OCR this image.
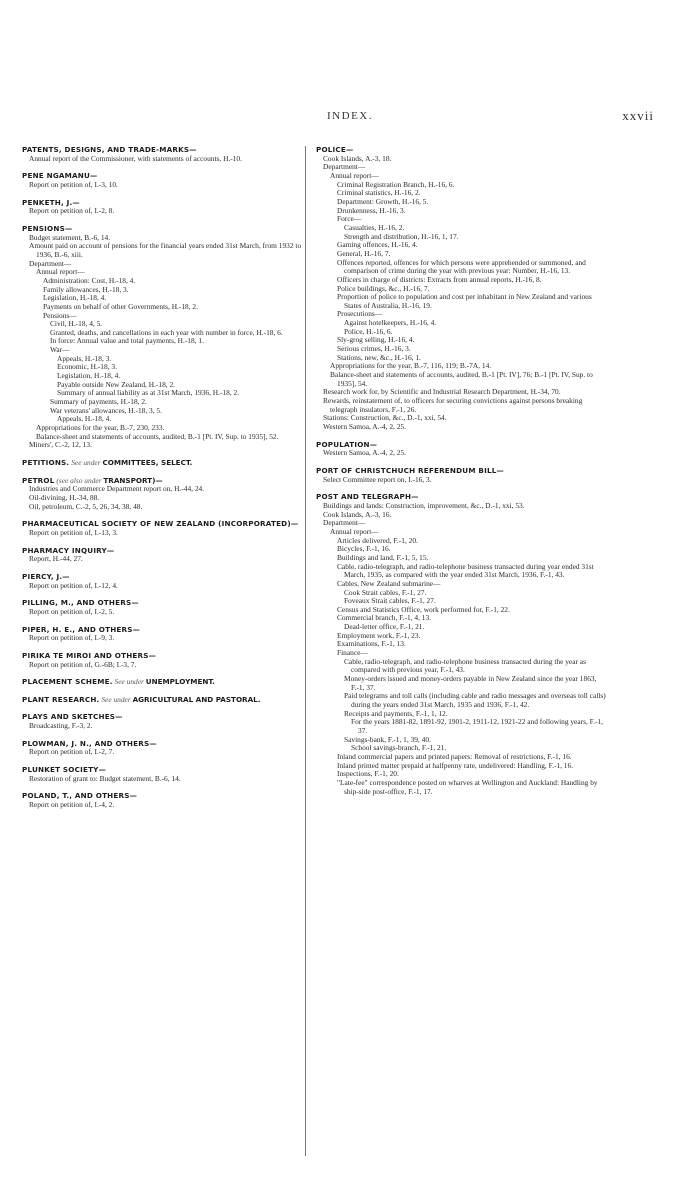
INDEX.	xxvii
PATENTS, DESIGNS, AND TRADE-MARKS—
Annual report of the Commissioner, with statements of accounts, H.-10.
PENE NGAMANU—
Report on petition of, I.-3, 10.
PENKETH, J.—
Report on petition of, I.-2, 8.
PENSIONS—
Budget statement, B.-6, 14.
Amount paid on account of pensions for the financial years ended 31st March, from 1932 to 1936, B.-6, xiii.
Department—
Annual report—
Administration: Cost, H.-18, 4.
Family allowances, H.-18, 3.
Legislation, H.-18, 4.
Payments on behalf of other Governments, H.-18, 2.
Pensions—
Civil, H.-18, 4, 5.
Granted, deaths, and cancellations in each year with number in force, H.-18, 6.
In force: Annual value and total payments, H.-18, 1.
War—
Appeals, H.-18, 3.
Economic, H.-18, 3.
Legislation, H.-18, 4.
Payable outside New Zealand, H.-18, 2.
Summary of annual liability as at 31st March, 1936, H.-18, 2.
Summary of payments, H.-18, 2.
War veterans' allowances, H.-18, 3, 5.
Appeals, H.-18, 4.
Appropriations for the year, B.-7, 230, 233.
Balance-sheet and statements of accounts, audited, B.-1 [Pt. IV, Sup. to 1935], 52.
Miners', C.-2, 12, 13.
PETITIONS. See under COMMITTEES, SELECT.
PETROL (see also under TRANSPORT)—
Industries and Commerce Department report on, H.-44, 24.
Oil-divining, H.-34, 88.
Oil, petroleum, C.-2, 5, 26, 34, 38, 48.
PHARMACEUTICAL SOCIETY OF NEW ZEALAND (INCORPORATED)—
Report on petition of, I.-13, 3.
PHARMACY INQUIRY—
Report, H.-44, 27.
PIERCY, J.—
Report on petition of, I.-12, 4.
PILLING, M., AND OTHERS—
Report on petition of, I.-2, 5.
PIPER, H. E., AND OTHERS—
Report on petition of, I.-9, 3.
PIRIKA TE MIROI AND OTHERS—
Report on petition of, G.-6B; I.-3, 7.
PLACEMENT SCHEME. See under UNEMPLOYMENT.
PLANT RESEARCH. See under AGRICULTURAL AND PASTORAL.
PLAYS AND SKETCHES—
Broadcasting, F.-3, 2.
PLOWMAN, J. N., AND OTHERS—
Report on petition of, I.-2, 7.
PLUNKET SOCIETY—
Restoration of grant to: Budget statement, B.-6, 14.
POLAND, T., AND OTHERS—
Report on petition of, I.-4, 2.
POLICE—
Cook Islands, A.-3, 18.
Department—
Annual report—
Criminal Registration Branch, H.-16, 6.
Criminal statistics, H.-16, 2.
Department: Growth, H.-16, 5.
Drunkenness, H.-16, 3.
Force—
Casualties, H.-16, 2.
Strength and distribution, H.-16, 1, 17.
Gaming offences, H.-16, 4.
General, H.-16, 7.
Offences reported, offences for which persons were apprehended or summoned, and comparison of crime during the year with previous year: Number, H.-16, 13.
Officers in charge of districts: Extracts from annual reports, H.-16, 8.
Police buildings, &c., H.-16, 7.
Proportion of police to population and cost per inhabitant in New Zealand and various States of Australia, H.-16, 19.
Prosecutions—
Against hotelkeepers, H.-16, 4.
Police, H.-16, 6.
Sly-grog selling, H.-16, 4.
Serious crimes, H.-16, 3.
Stations, new, &c., H.-16, 1.
Appropriations for the year, B.-7, 116, 119; B.-7A, 14.
Balance-sheet and statements of accounts, audited, B.-1 [Pt. IV], 76; B.-1 [Pt. IV, Sup. to 1935], 54.
Research work for, by Scientific and Industrial Research Department, H.-34, 70.
Rewards, reinstatement of, to officers for securing convictions against persons breaking telegraph insulators, F.-1, 26.
Stations: Construction, &c., D.-1, xxi, 54.
Western Samoa, A.-4, 2, 25.
POPULATION—
Western Samoa, A.-4, 2, 25.
PORT OF CHRISTCHUCH REFERENDUM BILL—
Select Committee report on, I.-16, 3.
POST AND TELEGRAPH—
Buildings and lands: Construction, improvement, &c., D.-1, xxi, 53.
Cook Islands, A.-3, 16.
Department—
Annual report—
Articles delivered, F.-1, 20.
Bicycles, F.-1, 16.
Buildings and land, F.-1, 5, 15.
Cable, radio-telegraph, and radio-telephone business transacted during year ended 31st March, 1935, as compared with the year ended 31st March, 1936, F.-1, 43.
Cables, New Zealand submarine—
Cook Strait cables, F.-1, 27.
Foveaux Strait cables, F.-1, 27.
Census and Statistics Office, work performed for, F.-1, 22.
Commercial branch, F.-1, 4, 13.
Dead-letter office, F.-1, 21.
Employment work, F.-1, 23.
Examinations, F.-1, 13.
Finance—
Cable, radio-telegraph, and radio-telephone business transacted during the year as compared with previous year, F.-1, 43.
Money-orders issued and money-orders payable in New Zealand since the year 1863, F.-1, 37.
Paid telegrams and toll calls (including cable and radio messages and overseas toll calls) during the years ended 31st March, 1935 and 1936, F.-1, 42.
Receipts and payments, F.-1, 1, 12.
For the years 1881-82, 1891-92, 1901-2, 1911-12, 1921-22 and following years, F.-1, 37.
Savings-bank, F.-1, 1, 39, 40.
School savings-branch, F.-1, 21.
Inland commercial papers and printed papers: Removal of restrictions, F.-1, 16.
Inland printed matter prepaid at halfpenny rate, undelivered: Handling, F.-1, 16.
Inspections, F.-1, 20.
"Late-fee" correspondence posted on wharves at Wellington and Auckland: Handling by ship-side post-office, F.-1, 17.
